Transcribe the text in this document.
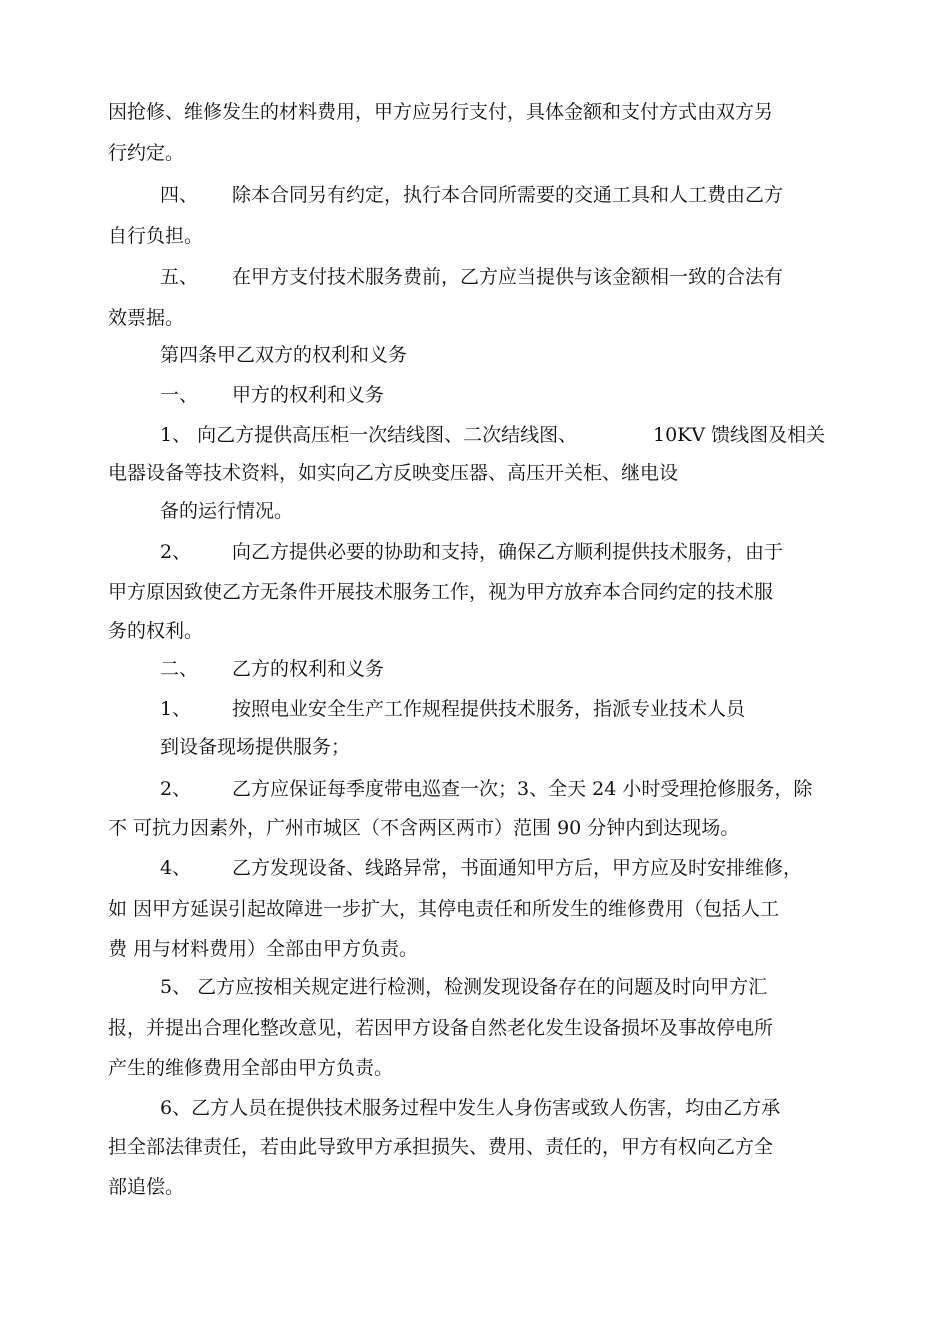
因抢修、维修发生的材料费用，甲方应另行支付，具体金额和支付方式由双方另
行约定。
四、 除本合同另有约定，执行本合同所需要的交通工具和人工费由乙方
自行负担。
五、 在甲方支付技术服务费前，乙方应当提供与该金额相一致的合法有
效票据。
第四条甲乙双方的权利和义务
一、 甲方的权利和义务
1、 向乙方提供高压柜一次结线图、二次结线图、	10KV 馈线图及相关
电器设备等技术资料，如实向乙方反映变压器、高压开关柜、继电设
备的运行情况。
2、 向乙方提供必要的协助和支持，确保乙方顺利提供技术服务，由于
甲方原因致使乙方无条件开展技术服务工作，视为甲方放弃本合同约定的技术服
务的权利。
二、 乙方的权利和义务
1、 按照电业安全生产工作规程提供技术服务，指派专业技术人员
到设备现场提供服务；
2、 乙方应保证每季度带电巡查一次；3、全天 24 小时受理抢修服务，除
不 可抗力因素外，广州市城区（不含两区两市）范围 90 分钟内到达现场。
4、 乙方发现设备、线路异常，书面通知甲方后，甲方应及时安排维修，
如 因甲方延误引起故障进一步扩大，其停电责任和所发生的维修费用（包括人工
费 用与材料费用）全部由甲方负责。
5、 乙方应按相关规定进行检测，检测发现设备存在的问题及时向甲方汇
报，并提出合理化整改意见，若因甲方设备自然老化发生设备损坏及事故停电所
产生的维修费用全部由甲方负责。
6、乙方人员在提供技术服务过程中发生人身伤害或致人伤害，均由乙方承
担全部法律责任，若由此导致甲方承担损失、费用、责任的，甲方有权向乙方全
部追偿。
